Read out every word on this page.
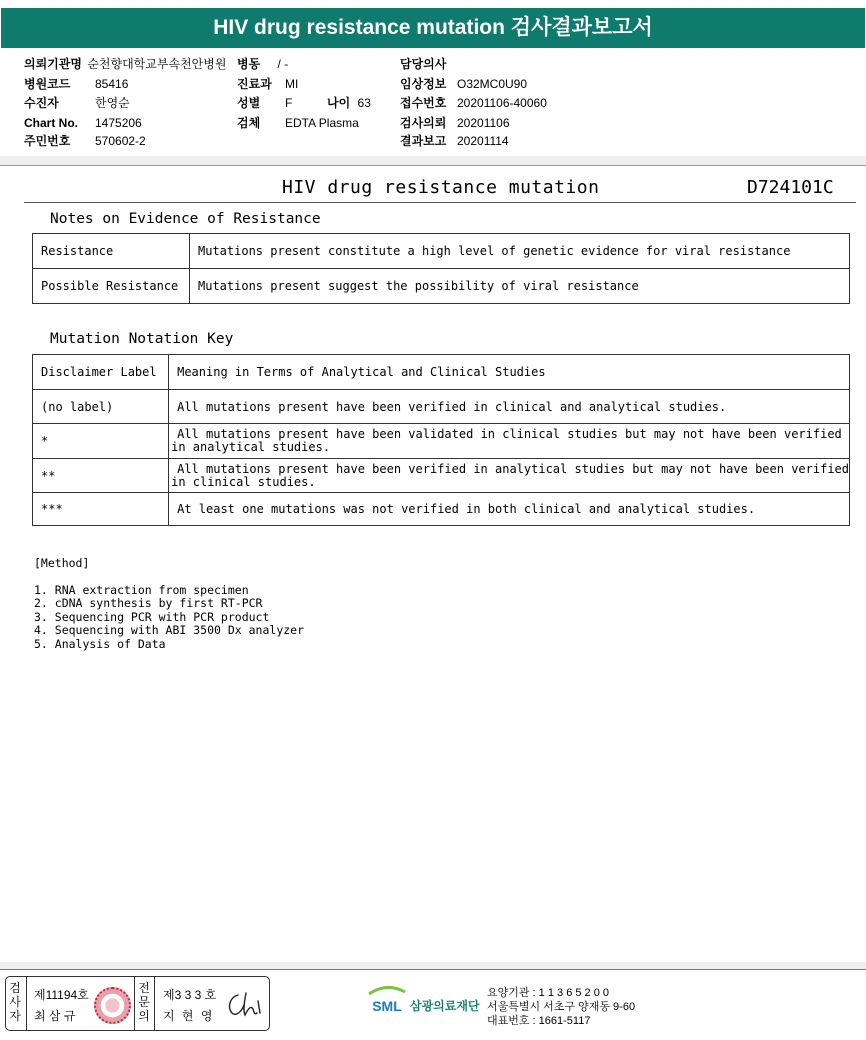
HIV drug resistance mutation 검사결과보고서
의뢰기관명 순천향대학교부속천안병원 병동 / -	담당의사
병원코드 85416	진료과 MI	임상정보 O32MC0U90
수진자	한영순	성별 F	나이 63 접수번호 20201106-40060
Chart No. 1475206	검체 EDTA Plasma	검사의뢰 20201106
주민번호 570602-2	결과보고 20201114
HIV drug resistance mutation	D724101C
Notes on Evidence of Resistance
Resistance	Mutations present constitute a high level of genetic evidence for viral resistance
Possible Resistance	Mutations present suggest the possibility of viral resistance
Mutation Notation Key
Disclaimer Label	Meaning in Terms of Analytical and Clinical Studies
(no label)	All mutations present have been verified in clinical and analytical studies.
*	All mutations present have been validated in clinical studies but may not have been verified
in analytical studies.

**	All mutations present have been verified in analytical studies but may not have been verified
in clinical studies.

***	At least one mutations was not verified in both clinical and analytical studies.
[Method]
1. RNA extraction from specimen
2. cDNA synthesis by first RT-PCR
3. Sequencing PCR with PCR product
4. Sequencing with ABI 3500 Dx analyzer
5. Analysis of Data
검사자
제11194호
최 삼 규
전문의
제3 3 3 호
지 현 영
SML 삼광의료재단
요양기관 : 1 1 3 6 5 2 0 0
서울특별시 서초구 양재동 9-60
대표번호 : 1661-5117
